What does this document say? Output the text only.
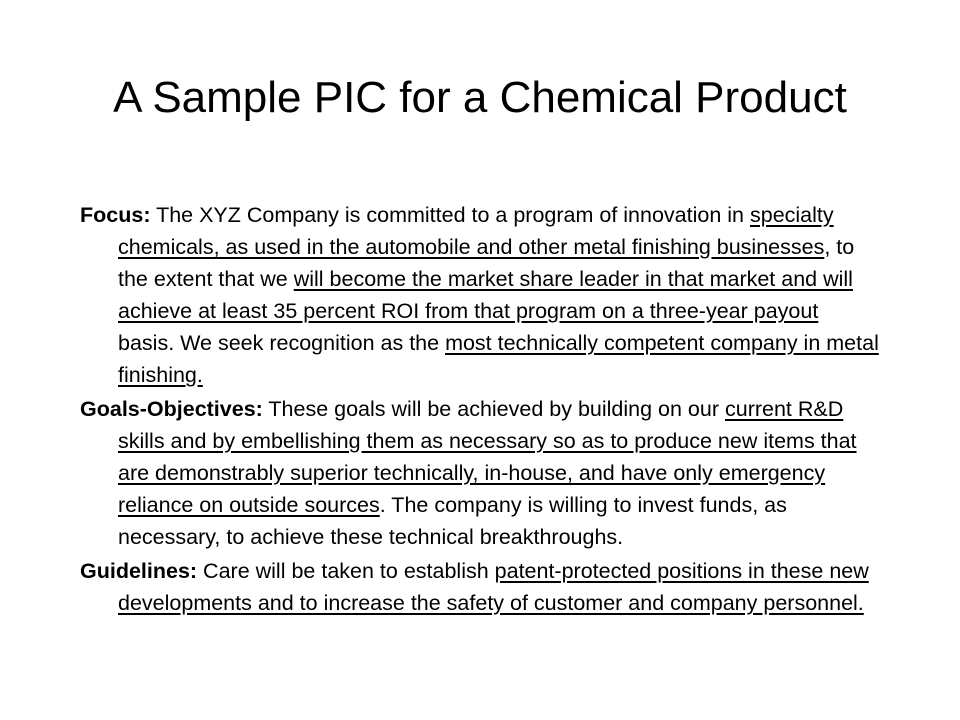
A Sample PIC for a Chemical Product

Focus: The XYZ Company is committed to a program of innovation in specialty chemicals, as used in the automobile and other metal finishing businesses, to the extent that we will become the market share leader in that market and will achieve at least 35 percent ROI from that program on a three-year payout basis. We seek recognition as the most technically competent company in metal finishing.

Goals-Objectives: These goals will be achieved by building on our current R&D skills and by embellishing them as necessary so as to produce new items that are demonstrably superior technically, in-house, and have only emergency reliance on outside sources. The company is willing to invest funds, as necessary, to achieve these technical breakthroughs.

Guidelines: Care will be taken to establish patent-protected positions in these new developments and to increase the safety of customer and company personnel.
